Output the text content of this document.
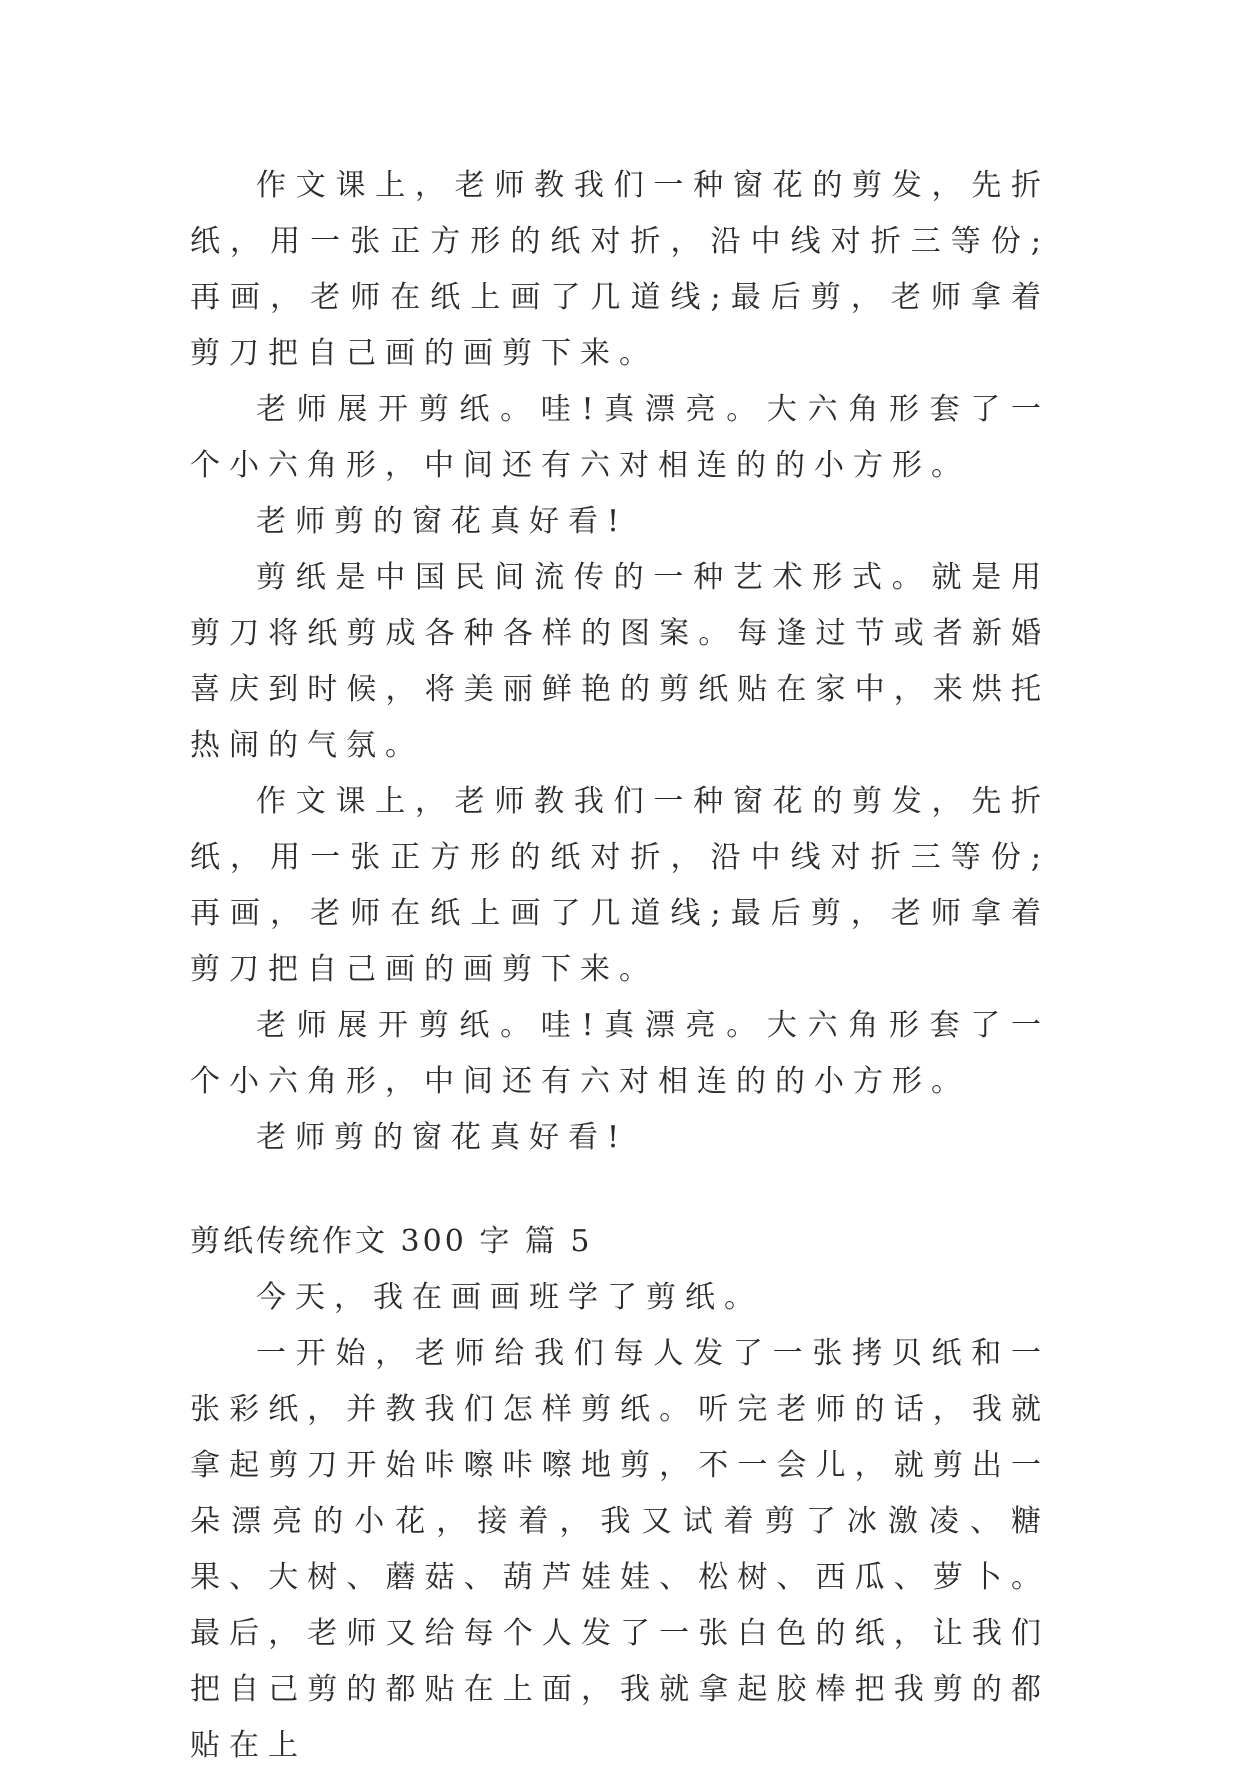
作文课上，老师教我们一种窗花的剪发，先折纸，用一张正方形的纸对折，沿中线对折三等份;再画，老师在纸上画了几道线;最后剪，老师拿着剪刀把自己画的画剪下来。

老师展开剪纸。哇!真漂亮。大六角形套了一个小六角形，中间还有六对相连的的小方形。

老师剪的窗花真好看!

剪纸是中国民间流传的一种艺术形式。就是用剪刀将纸剪成各种各样的图案。每逢过节或者新婚喜庆到时候，将美丽鲜艳的剪纸贴在家中，来烘托热闹的气氛。

作文课上，老师教我们一种窗花的剪发，先折纸，用一张正方形的纸对折，沿中线对折三等份;再画，老师在纸上画了几道线;最后剪，老师拿着剪刀把自己画的画剪下来。

老师展开剪纸。哇!真漂亮。大六角形套了一个小六角形，中间还有六对相连的的小方形。

老师剪的窗花真好看!

剪纸传统作文 300 字 篇 5

今天，我在画画班学了剪纸。

一开始，老师给我们每人发了一张拷贝纸和一张彩纸，并教我们怎样剪纸。听完老师的话，我就拿起剪刀开始咔嚓咔嚓地剪，不一会儿，就剪出一朵漂亮的小花，接着，我又试着剪了冰激凌、糖果、大树、蘑菇、葫芦娃娃、松树、西瓜、萝卜。最后，老师又给每个人发了一张白色的纸，让我们把自己剪的都贴在上面，我就拿起胶棒把我剪的都贴在上
